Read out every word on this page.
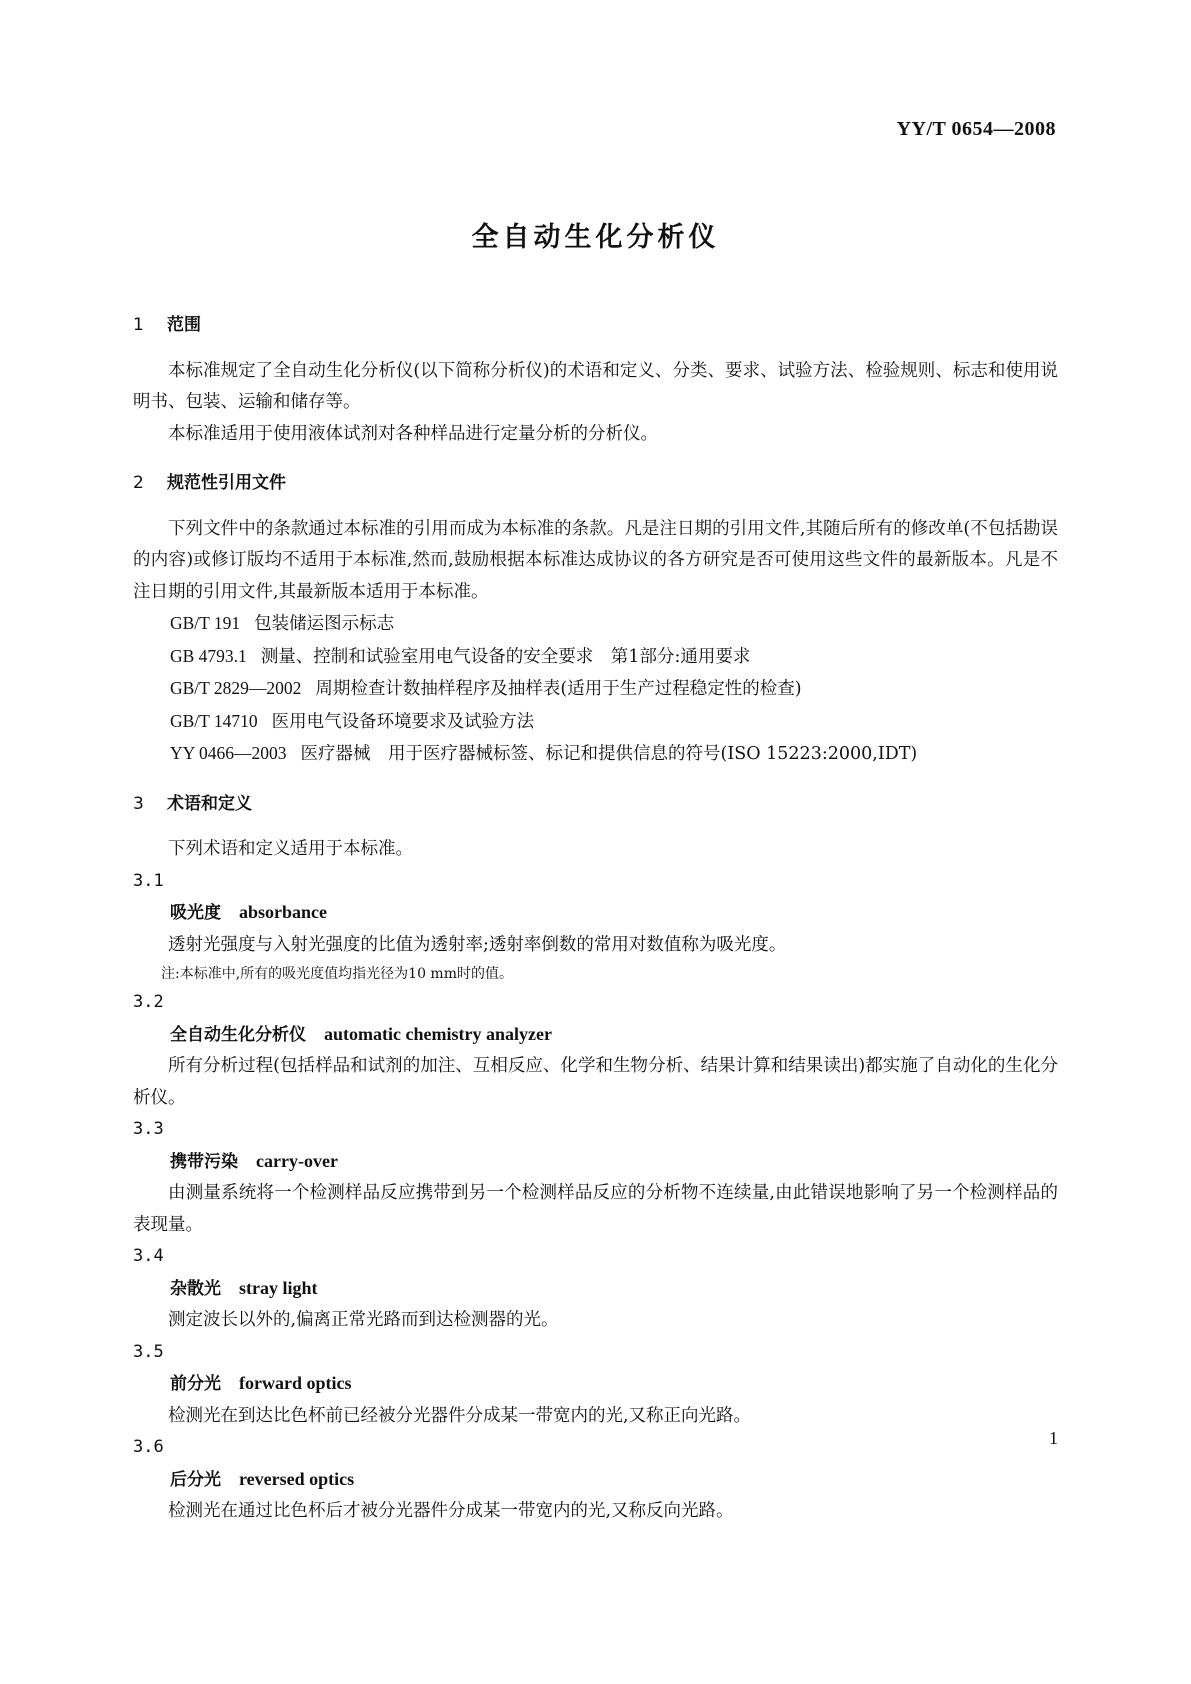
YY/T 0654—2008
全自动生化分析仪
1 范围

本标准规定了全自动生化分析仪(以下简称分析仪)的术语和定义、分类、要求、试验方法、检验规则、标志和使用说明书、包装、运输和储存等。

本标准适用于使用液体试剂对各种样品进行定量分析的分析仪。

2 规范性引用文件

下列文件中的条款通过本标准的引用而成为本标准的条款。凡是注日期的引用文件,其随后所有的修改单(不包括勘误的内容)或修订版均不适用于本标准,然而,鼓励根据本标准达成协议的各方研究是否可使用这些文件的最新版本。凡是不注日期的引用文件,其最新版本适用于本标准。

GB/T 191 包装储运图示标志

GB 4793.1 测量、控制和试验室用电气设备的安全要求　第1部分:通用要求

GB/T 2829—2002 周期检查计数抽样程序及抽样表(适用于生产过程稳定性的检查)

GB/T 14710 医用电气设备环境要求及试验方法

YY 0466—2003 医疗器械　用于医疗器械标签、标记和提供信息的符号(ISO 15223:2000,IDT)

3 术语和定义

下列术语和定义适用于本标准。

3.1

吸光度 absorbance

透射光强度与入射光强度的比值为透射率;透射率倒数的常用对数值称为吸光度。

注:本标准中,所有的吸光度值均指光径为10 mm时的值。

3.2

全自动生化分析仪 automatic chemistry analyzer

所有分析过程(包括样品和试剂的加注、互相反应、化学和生物分析、结果计算和结果读出)都实施了自动化的生化分析仪。

3.3

携带污染 carry-over

由测量系统将一个检测样品反应携带到另一个检测样品反应的分析物不连续量,由此错误地影响了另一个检测样品的表现量。

3.4

杂散光 stray light

测定波长以外的,偏离正常光路而到达检测器的光。

3.5

前分光 forward optics

检测光在到达比色杯前已经被分光器件分成某一带宽内的光,又称正向光路。

3.6

后分光 reversed optics

检测光在通过比色杯后才被分光器件分成某一带宽内的光,又称反向光路。

1
